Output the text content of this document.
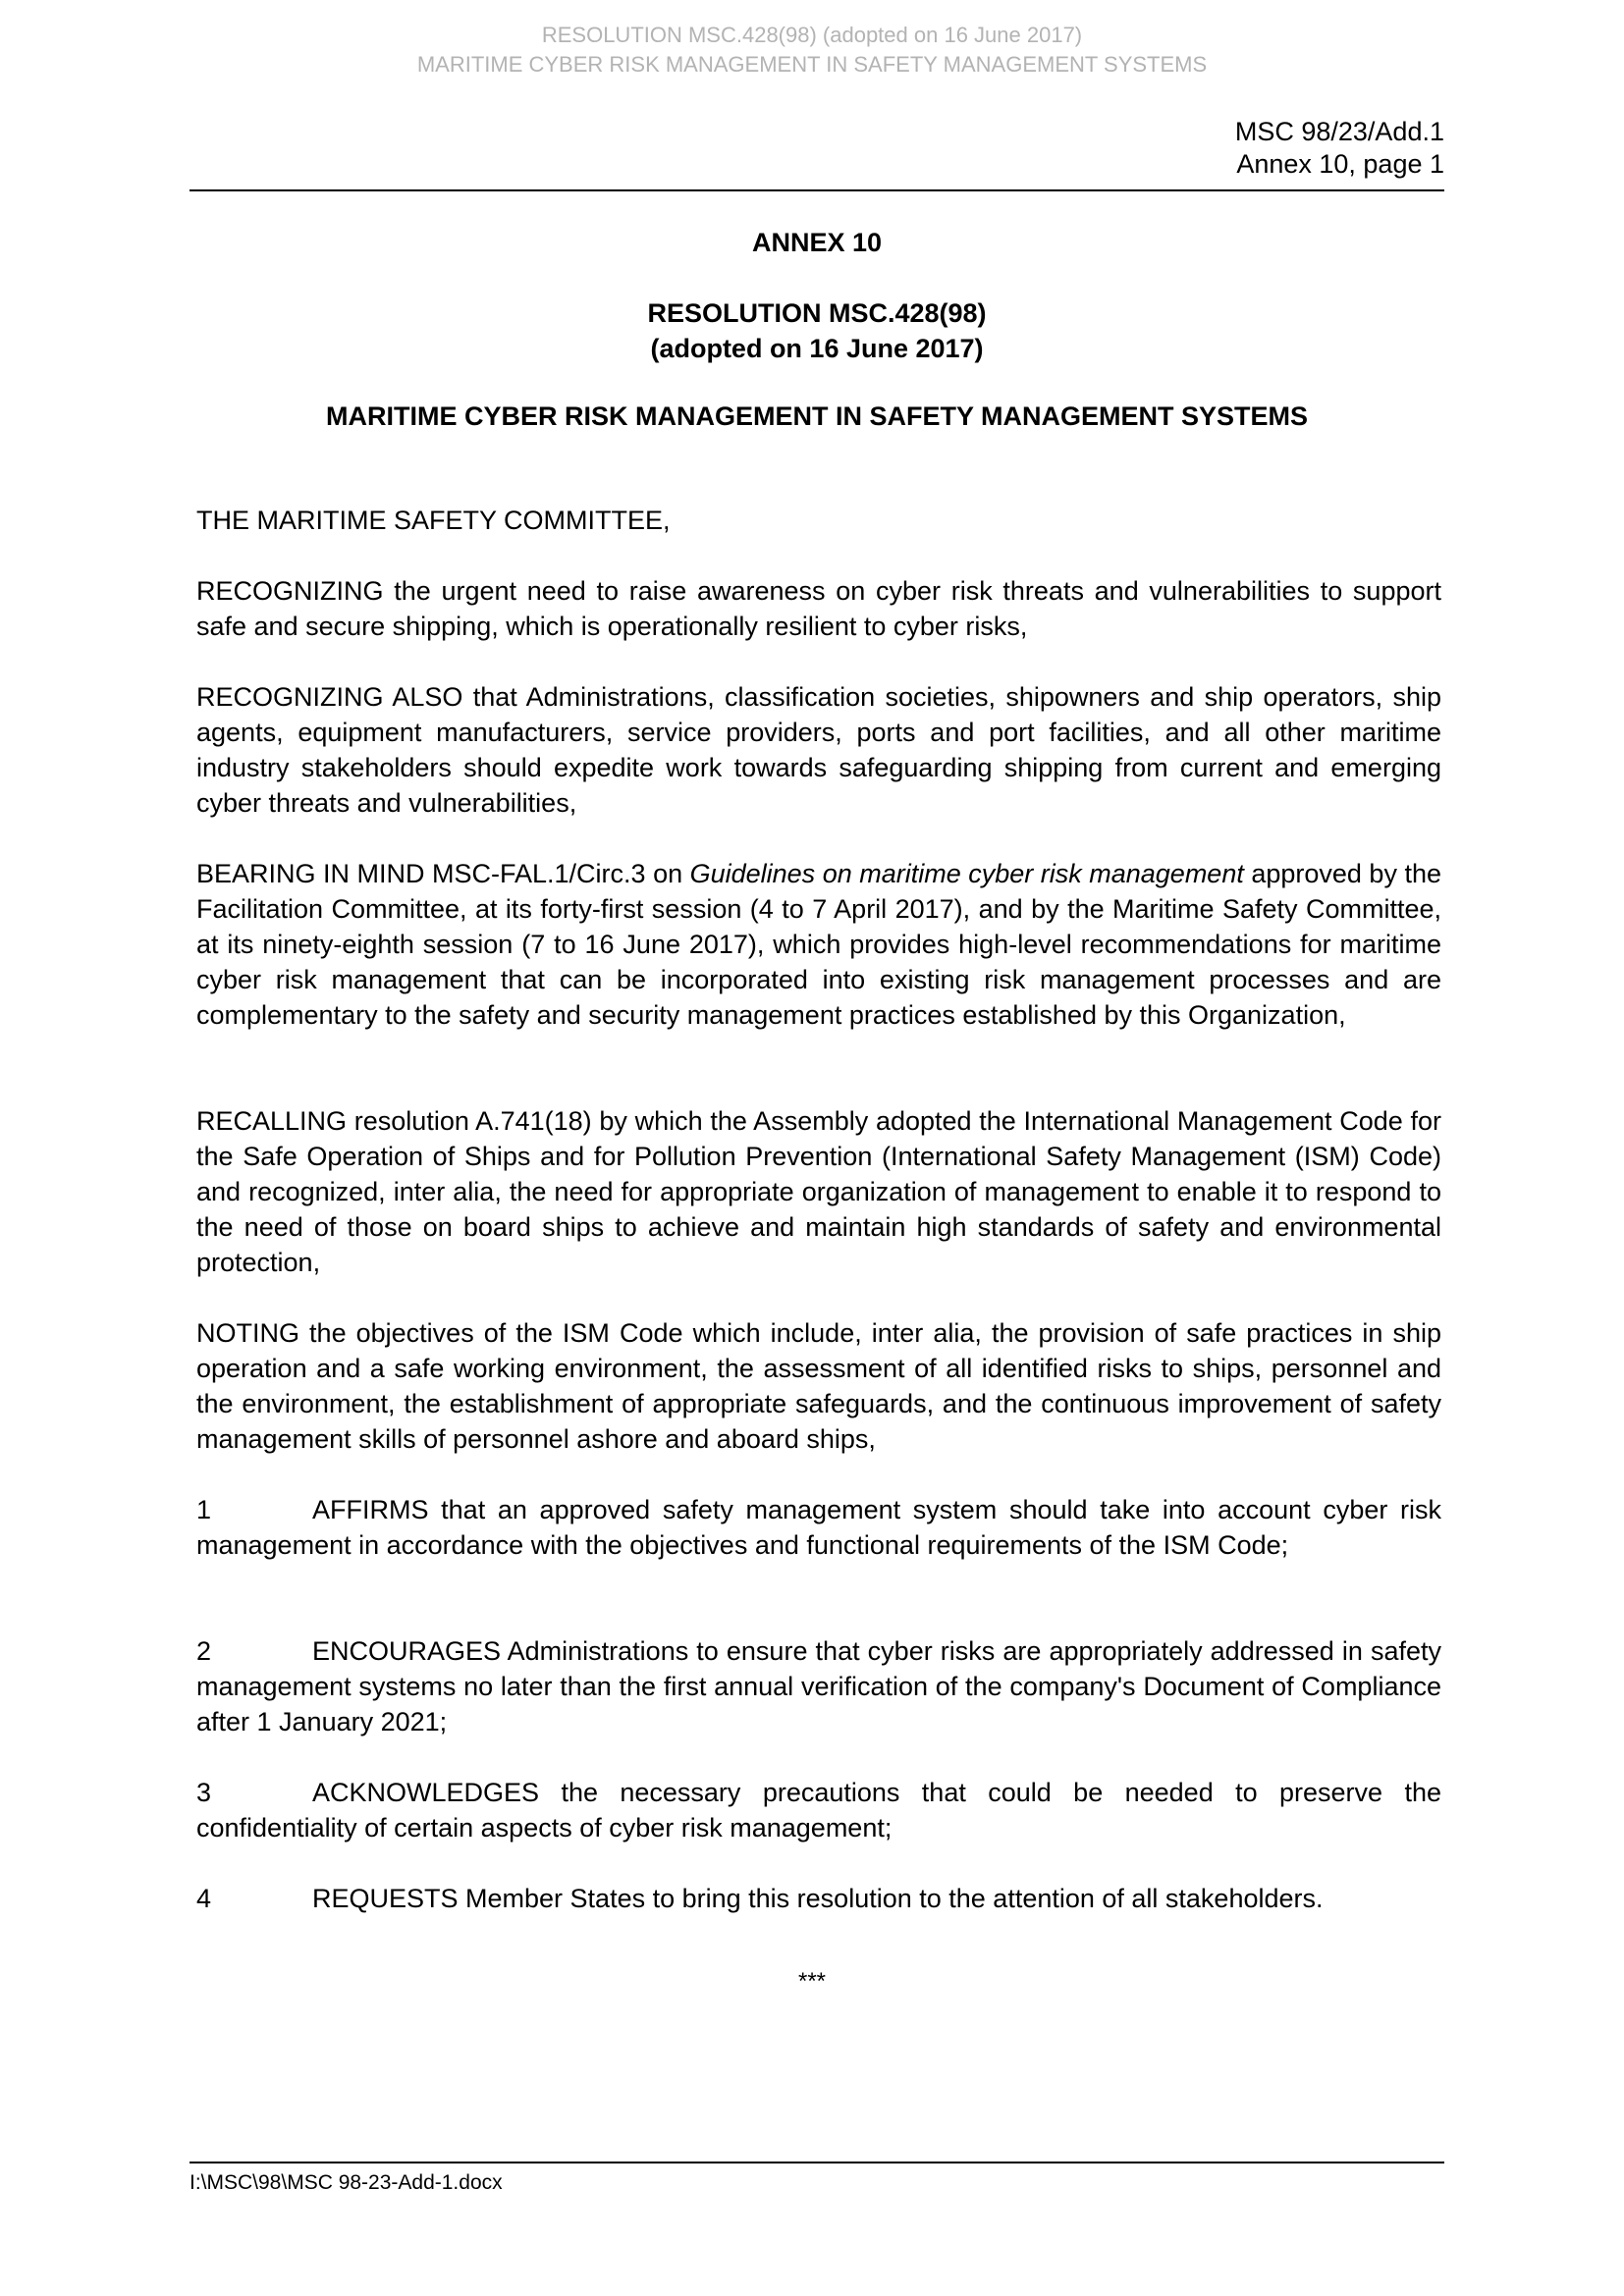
RESOLUTION MSC.428(98) (adopted on 16 June 2017)
MARITIME CYBER RISK MANAGEMENT IN SAFETY MANAGEMENT SYSTEMS
MSC 98/23/Add.1
Annex 10, page 1
ANNEX 10
RESOLUTION MSC.428(98)
(adopted on 16 June 2017)
MARITIME CYBER RISK MANAGEMENT IN SAFETY MANAGEMENT SYSTEMS
THE MARITIME SAFETY COMMITTEE,
RECOGNIZING the urgent need to raise awareness on cyber risk threats and vulnerabilities to support safe and secure shipping, which is operationally resilient to cyber risks,
RECOGNIZING ALSO that Administrations, classification societies, shipowners and ship operators, ship agents, equipment manufacturers, service providers, ports and port facilities, and all other maritime industry stakeholders should expedite work towards safeguarding shipping from current and emerging cyber threats and vulnerabilities,
BEARING IN MIND MSC-FAL.1/Circ.3 on Guidelines on maritime cyber risk management approved by the Facilitation Committee, at its forty-first session (4 to 7 April 2017), and by the Maritime Safety Committee, at its ninety-eighth session (7 to 16 June 2017), which provides high-level recommendations for maritime cyber risk management that can be incorporated into existing risk management processes and are complementary to the safety and security management practices established by this Organization,
RECALLING resolution A.741(18) by which the Assembly adopted the International Management Code for the Safe Operation of Ships and for Pollution Prevention (International Safety Management (ISM) Code) and recognized, inter alia, the need for appropriate organization of management to enable it to respond to the need of those on board ships to achieve and maintain high standards of safety and environmental protection,
NOTING the objectives of the ISM Code which include, inter alia, the provision of safe practices in ship operation and a safe working environment, the assessment of all identified risks to ships, personnel and the environment, the establishment of appropriate safeguards, and the continuous improvement of safety management skills of personnel ashore and aboard ships,
1	AFFIRMS that an approved safety management system should take into account cyber risk management in accordance with the objectives and functional requirements of the ISM Code;
2	ENCOURAGES Administrations to ensure that cyber risks are appropriately addressed in safety management systems no later than the first annual verification of the company's Document of Compliance after 1 January 2021;
3	ACKNOWLEDGES the necessary precautions that could be needed to preserve the confidentiality of certain aspects of cyber risk management;
4	REQUESTS Member States to bring this resolution to the attention of all stakeholders.
***
I:\MSC\98\MSC 98-23-Add-1.docx
